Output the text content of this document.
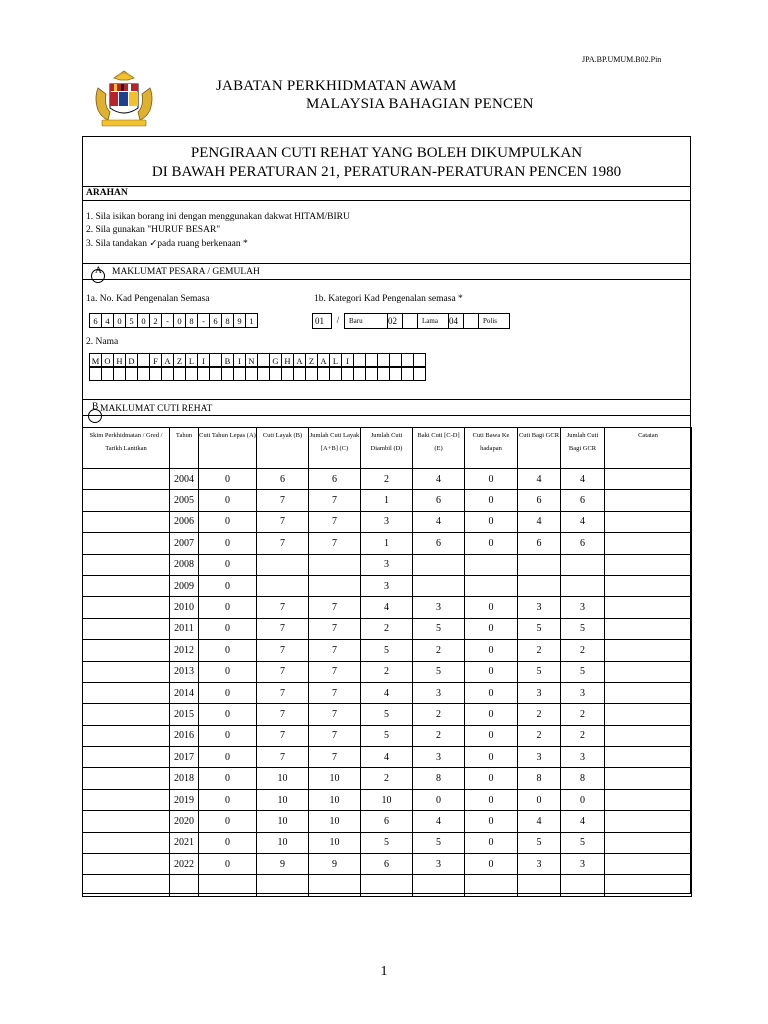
JPA.BP.UMUM.B02.Pin
JABATAN PERKHIDMATAN AWAM
MALAYSIA BAHAGIAN PENCEN
PENGIRAAN CUTI REHAT YANG BOLEH DIKUMPULKAN
DI BAWAH PERATURAN 21, PERATURAN-PERATURAN PENCEN 1980
ARAHAN
1. Sila isikan borang ini dengan menggunakan dakwat HITAM/BIRU
2. Sila gunakan "HURUF BESAR"
3. Sila tandakan ✓pada ruang berkenaan *
A MAKLUMAT PESARA / GEMULAH
1a. No. Kad Pengenalan Semasa
6 4 0 5 0 2 - 0 8 - 6 8 9 1
1b. Kategori Kad Pengenalan semasa *
01	/	Baru	02	Lama	04	Polis
2. Nama
M O H D	F A Z L I	B I N	G H A Z A L I
B MAKLUMAT CUTI REHAT
Skim Perkhidmatan / Gred / Tarikh Lantikan	Tahun	Cuti Tahun Lepas (A)	Cuti Layak (B)	Jumlah Cuti Layak [A+B] (C)	Jumlah Cuti Diambil (D)	Baki Cuti [C-D] (E)	Cuti Bawa Ke hadapan	Cuti Bagi GCR	Jumlah Cuti Bagi GCR	Catatan
	2004	0	6	6	2	4	0	4	4	
	2005	0	7	7	1	6	0	6	6	
	2006	0	7	7	3	4	0	4	4	
	2007	0	7	7	1	6	0	6	6	
	2008	0			3					
	2009	0			3					
	2010	0	7	7	4	3	0	3	3	
	2011	0	7	7	2	5	0	5	5	
	2012	0	7	7	5	2	0	2	2	
	2013	0	7	7	2	5	0	5	5	
	2014	0	7	7	4	3	0	3	3	
	2015	0	7	7	5	2	0	2	2	
	2016	0	7	7	5	2	0	2	2	
	2017	0	7	7	4	3	0	3	3	
	2018	0	10	10	2	8	0	8	8	
	2019	0	10	10	10	0	0	0	0	
	2020	0	10	10	6	4	0	4	4	
	2021	0	10	10	5	5	0	5	5	
	2022	0	9	9	6	3	0	3	3	

1
